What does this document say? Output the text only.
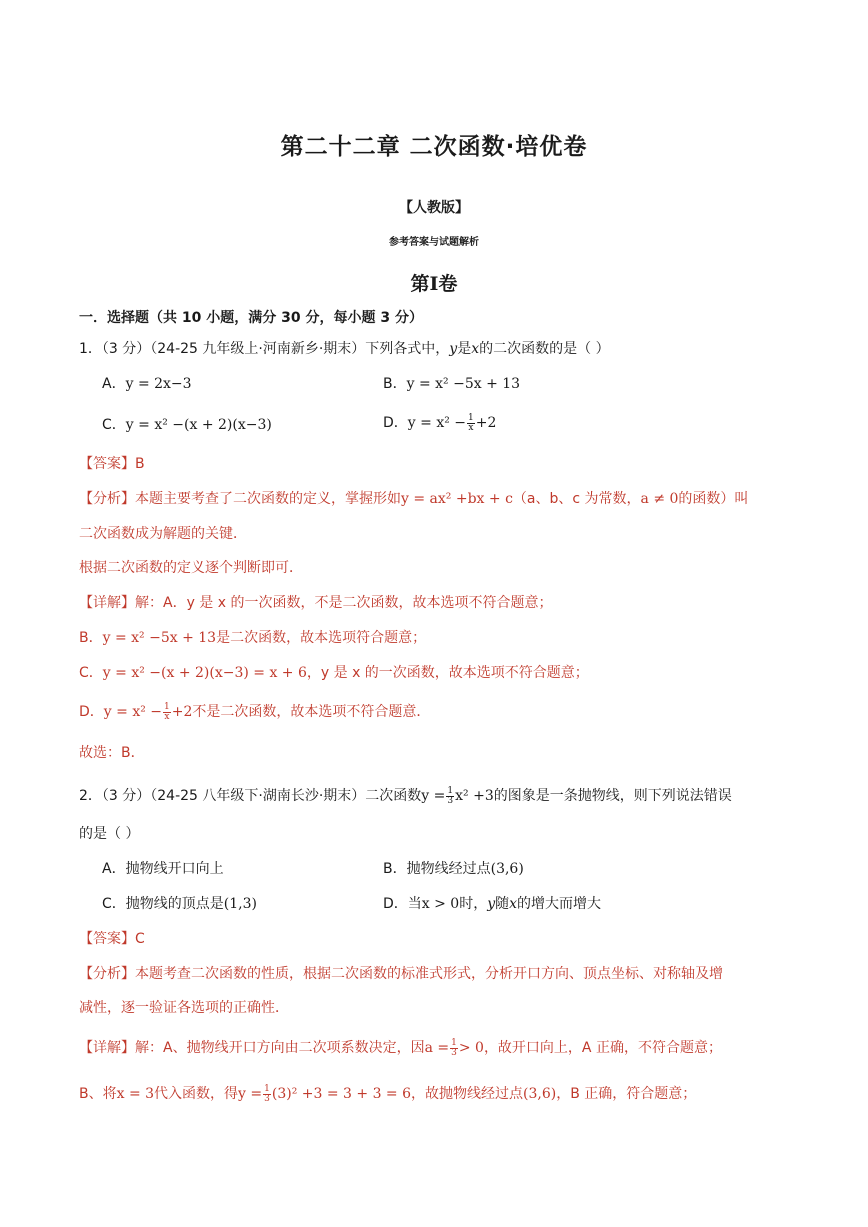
第二十二章 二次函数·培优卷
【人教版】
参考答案与试题解析
第Ⅰ卷
一．选择题（共 10 小题，满分 30 分，每小题 3 分）
1．（3 分）（24-25 九年级上·河南新乡·期末）下列各式中，y是x的二次函数的是（ ）
A．y = 2x−3	B．y = x² −5x + 13
C．y = x² −(x + 2)(x−3)	D．$y = x^2 - \frac{1}{x} +2$
【答案】B
【分析】本题主要考查了二次函数的定义，掌握形如y = ax² +bx + c（a、b、c 为常数，a ≠ 0的函数）叫
二次函数成为解题的关键．
根据二次函数的定义逐个判断即可．
【详解】解：A．y 是 x 的一次函数，不是二次函数，故本选项不符合题意；
B．y = x² −5x + 13是二次函数，故本选项符合题意；
C．y = x² −(x + 2)(x−3) = x + 6，y 是 x 的一次函数，故本选项不符合题意；
D．$y = x^2 - \frac{1}{x} +2$不是二次函数，故本选项不符合题意．
故选：B．
2．（3 分）（24-25 八年级下·湖南长沙·期末）二次函数$y = \frac{1}{3} x^2 +3$的图象是一条抛物线，则下列说法错误
的是（ ）
A．抛物线开口向上	B．抛物线经过点(3,6)
C．抛物线的顶点是(1,3)	D．当x > 0时，y随x的增大而增大
【答案】C
【分析】本题考查二次函数的性质，根据二次函数的标准式形式，分析开口方向、顶点坐标、对称轴及增
减性，逐一验证各选项的正确性．
【详解】解：A、抛物线开口方向由二次项系数决定，因$a = \frac{1}{3} > 0$，故开口向上，A 正确，不符合题意；
B、将x = 3代入函数，得$y = \frac{1}{3} (3)^2 +3 = 3 + 3 = 6$，故抛物线经过点(3,6)，B 正确，符合题意；
